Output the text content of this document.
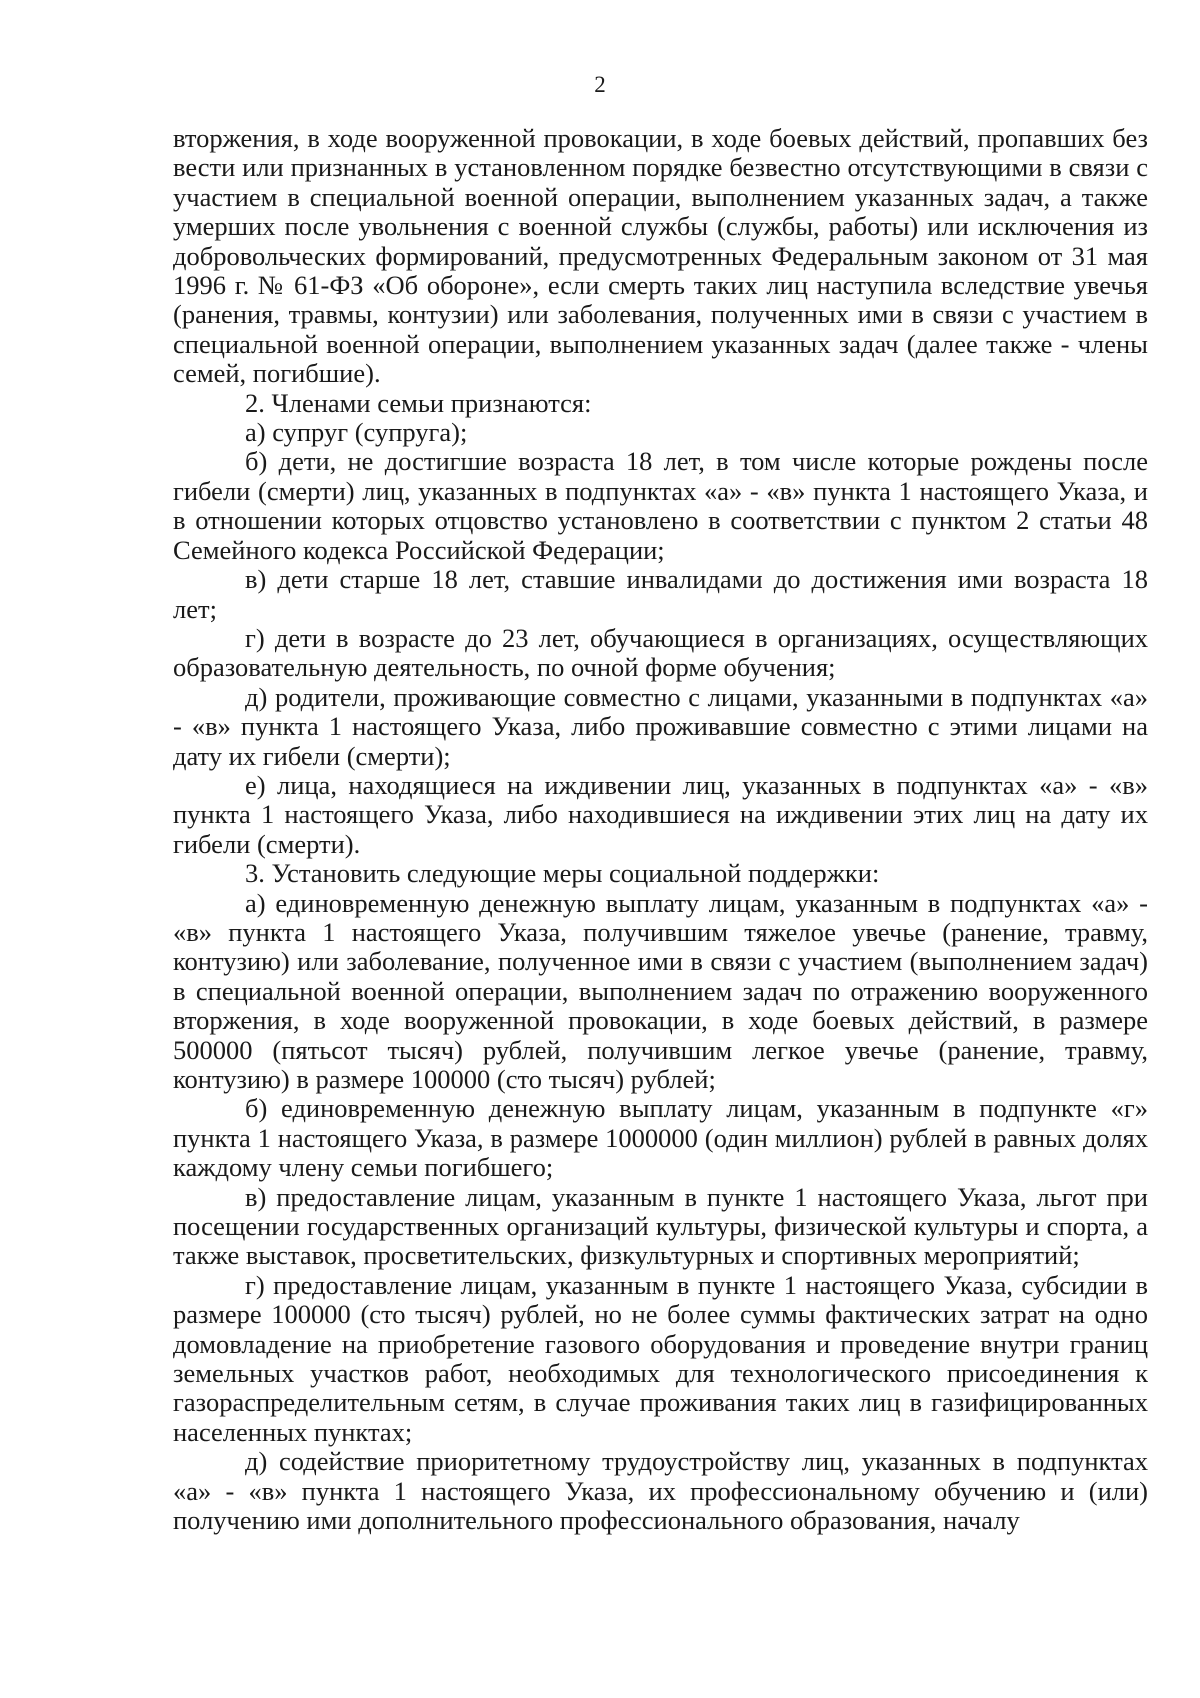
2

вторжения, в ходе вооруженной провокации, в ходе боевых действий, пропавших без вести или признанных в установленном порядке безвестно отсутствующими в связи с участием в специальной военной операции, выполнением указанных задач, а также умерших после увольнения с военной службы (службы, работы) или исключения из добровольческих формирований, предусмотренных Федеральным законом от 31 мая 1996 г. № 61-ФЗ «Об обороне», если смерть таких лиц наступила вследствие увечья (ранения, травмы, контузии) или заболевания, полученных ими в связи с участием в специальной военной операции, выполнением указанных задач (далее также - члены семей, погибшие).

2. Членами семьи признаются:

а) супруг (супруга);

б) дети, не достигшие возраста 18 лет, в том числе которые рождены после гибели (смерти) лиц, указанных в подпунктах «а» - «в» пункта 1 настоящего Указа, и в отношении которых отцовство установлено в соответствии с пунктом 2 статьи 48 Семейного кодекса Российской Федерации;

в) дети старше 18 лет, ставшие инвалидами до достижения ими возраста 18 лет;

г) дети в возрасте до 23 лет, обучающиеся в организациях, осуществляющих образовательную деятельность, по очной форме обучения;

д) родители, проживающие совместно с лицами, указанными в подпунктах «а» - «в» пункта 1 настоящего Указа, либо проживавшие совместно с этими лицами на дату их гибели (смерти);

е) лица, находящиеся на иждивении лиц, указанных в подпунктах «а» - «в» пункта 1 настоящего Указа, либо находившиеся на иждивении этих лиц на дату их гибели (смерти).

3. Установить следующие меры социальной поддержки:

а) единовременную денежную выплату лицам, указанным в подпунктах «а» - «в» пункта 1 настоящего Указа, получившим тяжелое увечье (ранение, травму, контузию) или заболевание, полученное ими в связи с участием (выполнением задач) в специальной военной операции, выполнением задач по отражению вооруженного вторжения, в ходе вооруженной провокации, в ходе боевых действий, в размере 500000 (пятьсот тысяч) рублей, получившим легкое увечье (ранение, травму, контузию) в размере 100000 (сто тысяч) рублей;

б) единовременную денежную выплату лицам, указанным в подпункте «г» пункта 1 настоящего Указа, в размере 1000000 (один миллион) рублей в равных долях каждому члену семьи погибшего;

в) предоставление лицам, указанным в пункте 1 настоящего Указа, льгот при посещении государственных организаций культуры, физической культуры и спорта, а также выставок, просветительских, физкультурных и спортивных мероприятий;

г) предоставление лицам, указанным в пункте 1 настоящего Указа, субсидии в размере 100000 (сто тысяч) рублей, но не более суммы фактических затрат на одно домовладение на приобретение газового оборудования и проведение внутри границ земельных участков работ, необходимых для технологического присоединения к газораспределительным сетям, в случае проживания таких лиц в газифицированных населенных пунктах;

д) содействие приоритетному трудоустройству лиц, указанных в подпунктах «а» - «в» пункта 1 настоящего Указа, их профессиональному обучению и (или) получению ими дополнительного профессионального образования, началу
